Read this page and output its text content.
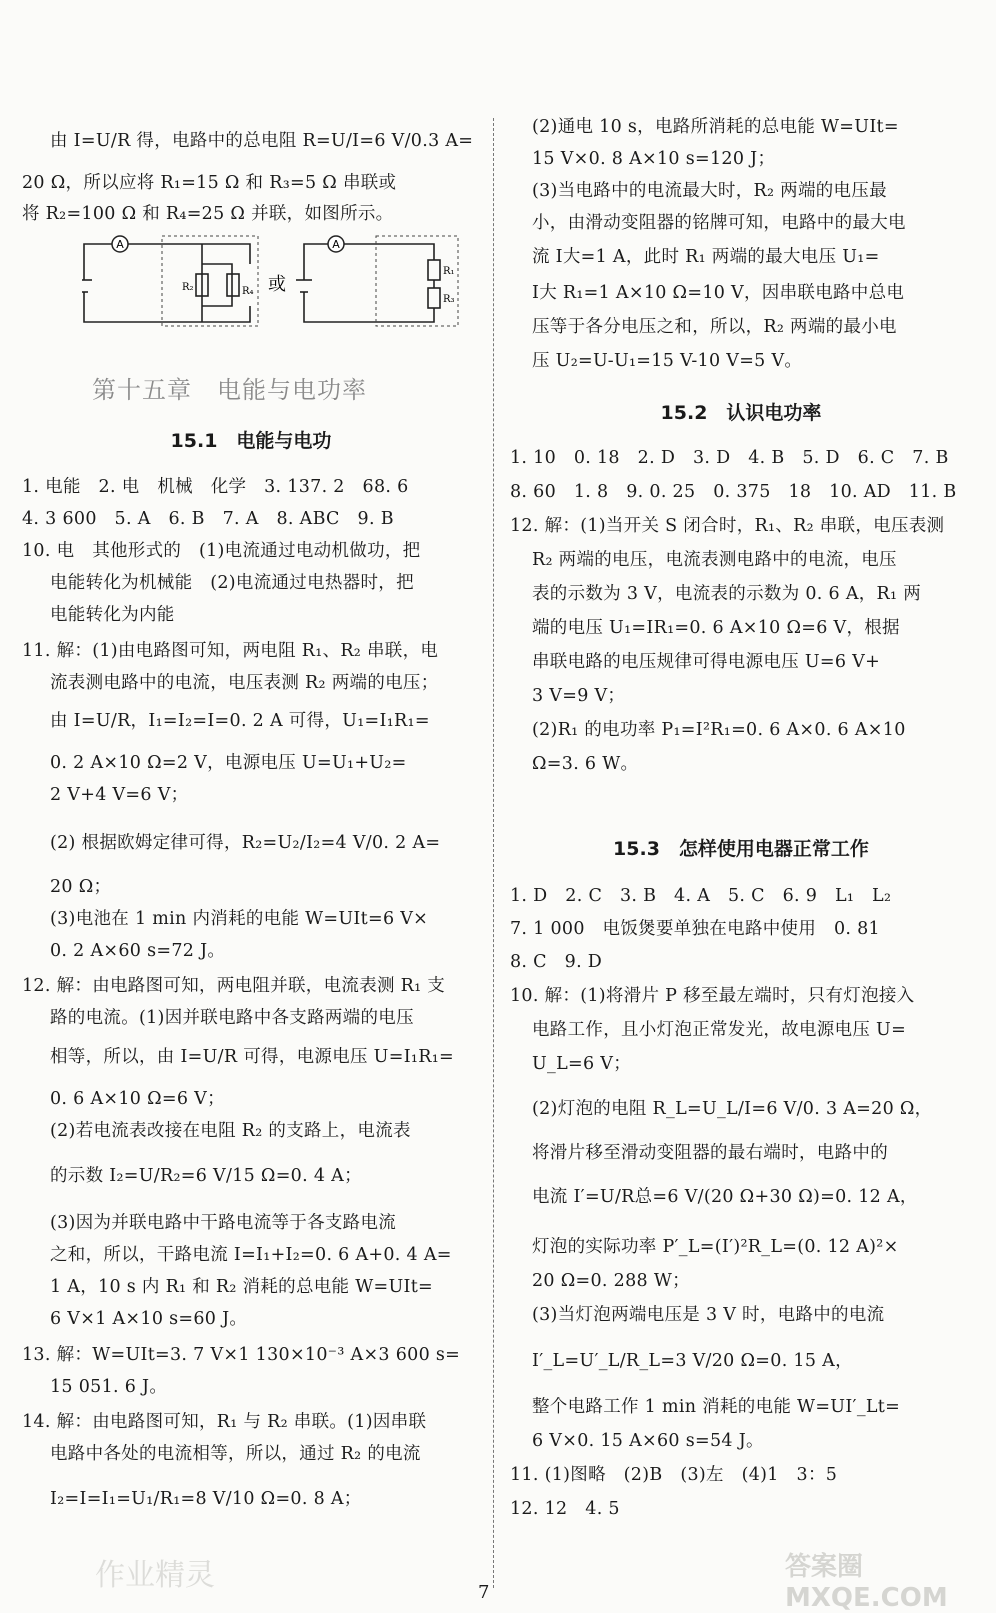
A	A
R₂	R₄
R₁
R₃
或
第十五章　电能与电功率
15.1　电能与电功
由 I=U/R 得，电路中的总电阻 R=U/I=6 V/0.3 A=
20 Ω，所以应将 R₁=15 Ω 和 R₃=5 Ω 串联或
将 R₂=100 Ω 和 R₄=25 Ω 并联，如图所示。
1. 电能　2. 电　机械　化学　3. 137. 2　68. 6
4. 3 600　5. A　6. B　7. A　8. ABC　9. B
10. 电　其他形式的　(1)电流通过电动机做功，把
电能转化为机械能　(2)电流通过电热器时，把
电能转化为内能
11. 解：(1)由电路图可知，两电阻 R₁、R₂ 串联，电
流表测电路中的电流，电压表测 R₂ 两端的电压；
由 I=U/R，I₁=I₂=I=0. 2 A 可得，U₁=I₁R₁=
0. 2 A×10 Ω=2 V，电源电压 U=U₁+U₂=
2 V+4 V=6 V；
(2) 根据欧姆定律可得，R₂=U₂/I₂=4 V/0. 2 A=
20 Ω；
(3)电池在 1 min 内消耗的电能 W=UIt=6 V×
0. 2 A×60 s=72 J。
12. 解：由电路图可知，两电阻并联，电流表测 R₁ 支
路的电流。(1)因并联电路中各支路两端的电压
相等，所以，由 I=U/R 可得，电源电压 U=I₁R₁=
0. 6 A×10 Ω=6 V；
(2)若电流表改接在电阻 R₂ 的支路上，电流表
的示数 I₂=U/R₂=6 V/15 Ω=0. 4 A；
(3)因为并联电路中干路电流等于各支路电流
之和，所以，干路电流 I=I₁+I₂=0. 6 A+0. 4 A=
1 A，10 s 内 R₁ 和 R₂ 消耗的总电能 W=UIt=
6 V×1 A×10 s=60 J。
13. 解：W=UIt=3. 7 V×1 130×10⁻³ A×3 600 s=
15 051. 6 J。
14. 解：由电路图可知，R₁ 与 R₂ 串联。(1)因串联
电路中各处的电流相等，所以，通过 R₂ 的电流
I₂=I=I₁=U₁/R₁=8 V/10 Ω=0. 8 A；
15.2　认识电功率
15.3　怎样使用电器正常工作
(2)通电 10 s，电路所消耗的总电能 W=UIt=
15 V×0. 8 A×10 s=120 J；
(3)当电路中的电流最大时，R₂ 两端的电压最
小，由滑动变阻器的铭牌可知，电路中的最大电
流 I大=1 A，此时 R₁ 两端的最大电压 U₁=
I大 R₁=1 A×10 Ω=10 V，因串联电路中总电
压等于各分电压之和，所以，R₂ 两端的最小电
压 U₂=U-U₁=15 V-10 V=5 V。
1. 10　0. 18　2. D　3. D　4. B　5. D　6. C　7. B
8. 60　1. 8　9. 0. 25　0. 375　18　10. AD　11. B
12. 解：(1)当开关 S 闭合时，R₁、R₂ 串联，电压表测
R₂ 两端的电压，电流表测电路中的电流，电压
表的示数为 3 V，电流表的示数为 0. 6 A，R₁ 两
端的电压 U₁=IR₁=0. 6 A×10 Ω=6 V，根据
串联电路的电压规律可得电源电压 U=6 V+
3 V=9 V；
(2)R₁ 的电功率 P₁=I²R₁=0. 6 A×0. 6 A×10
Ω=3. 6 W。
1. D　2. C　3. B　4. A　5. C　6. 9　L₁　L₂
7. 1 000　电饭煲要单独在电路中使用　0. 81
8. C　9. D
10. 解：(1)将滑片 P 移至最左端时，只有灯泡接入
电路工作，且小灯泡正常发光，故电源电压 U=
U_L=6 V；
(2)灯泡的电阻 R_L=U_L/I=6 V/0. 3 A=20 Ω，
将滑片移至滑动变阻器的最右端时，电路中的
电流 I′=U/R总=6 V/(20 Ω+30 Ω)=0. 12 A，
灯泡的实际功率 P′_L=(I′)²R_L=(0. 12 A)²×
20 Ω=0. 288 W；
(3)当灯泡两端电压是 3 V 时，电路中的电流
I′_L=U′_L/R_L=3 V/20 Ω=0. 15 A，
整个电路工作 1 min 消耗的电能 W=UI′_Lt=
6 V×0. 15 A×60 s=54 J。
11. (1)图略　(2)B　(3)左　(4)1　3：5
12. 12　4. 5
7
作业精灵	答案圈 MXQE.COM
